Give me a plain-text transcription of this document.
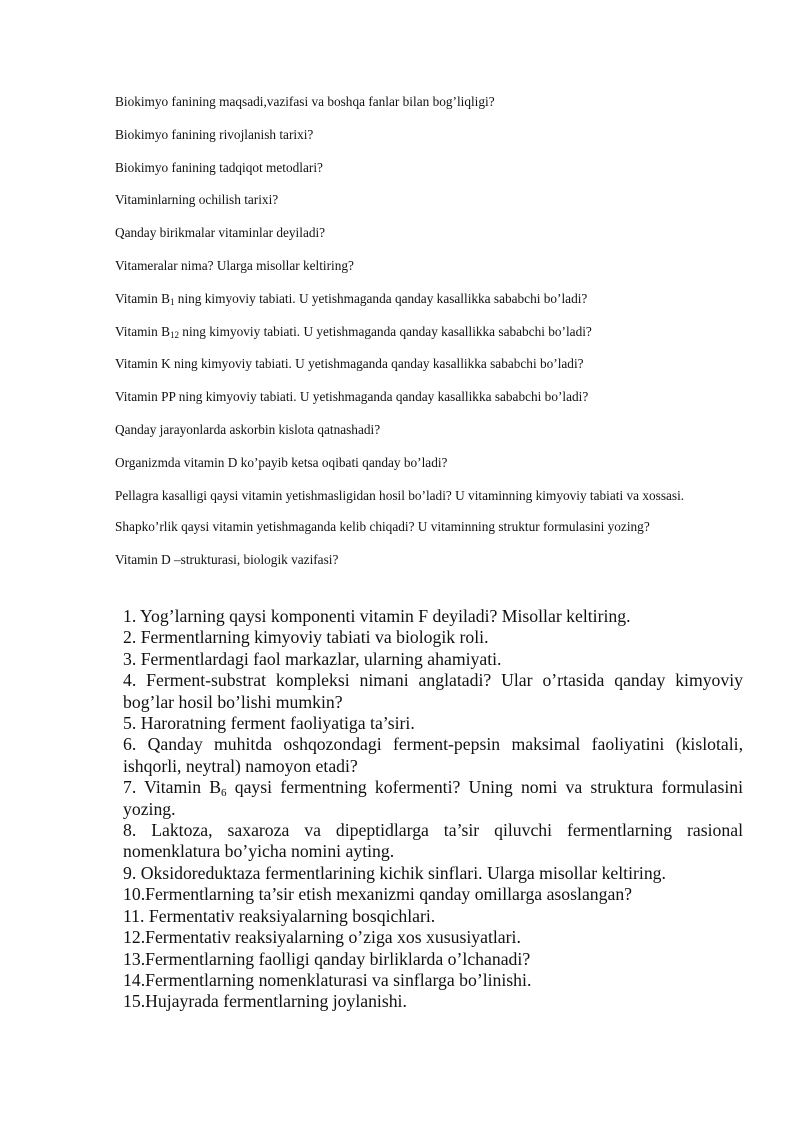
Biokimyo fanining maqsadi,vazifasi va boshqa fanlar bilan bog’liqligi?

Biokimyo fanining rivojlanish tarixi?

Biokimyo fanining tadqiqot metodlari?

Vitaminlarning ochilish tarixi?

Qanday birikmalar vitaminlar deyiladi?

Vitameralar nima? Ularga misollar keltiring?

Vitamin $B_1$ ning kimyoviy tabiati. U yetishmaganda qanday kasallikka sababchi bo’ladi?

Vitamin $B_{12}$ ning kimyoviy tabiati. U yetishmaganda qanday kasallikka sababchi bo’ladi?

Vitamin K ning kimyoviy tabiati. U yetishmaganda qanday kasallikka sababchi bo’ladi?

Vitamin PP ning kimyoviy tabiati. U yetishmaganda qanday kasallikka sababchi bo’ladi?

Qanday jarayonlarda askorbin kislota qatnashadi?

Organizmda vitamin D ko’payib ketsa oqibati qanday bo’ladi?

Pellagra kasalligi qaysi vitamin yetishmasligidan hosil bo’ladi? U vitaminning kimyoviy tabiati va xossasi.

Shapko’rlik qaysi vitamin yetishmaganda kelib chiqadi? U vitaminning struktur formulasini yozing?

Vitamin D –strukturasi, biologik vazifasi?

1. Yog’larning qaysi komponenti vitamin F deyiladi? Misollar keltiring.
2. Fermentlarning kimyoviy tabiati va biologik roli.
3. Fermentlardagi faol markazlar, ularning ahamiyati.
4. Ferment-substrat kompleksi nimani anglatadi? Ular o’rtasida qanday kimyoviy bog’lar hosil bo’lishi mumkin?
5. Haroratning ferment faoliyatiga ta’siri.
6. Qanday muhitda oshqozondagi ferment-pepsin maksimal faoliyatini (kislotali, ishqorli, neytral) namoyon etadi?
7. Vitamin $B_6$ qaysi fermentning kofermenti? Uning nomi va struktura formulasini yozing.
8. Laktoza, saxaroza va dipeptidlarga ta’sir qiluvchi fermentlarning rasional nomenklatura bo’yicha nomini ayting.
9. Oksidoreduktaza fermentlarining kichik sinflari. Ularga misollar keltiring.
10.Fermentlarning ta’sir etish mexanizmi qanday omillarga asoslangan?
11. Fermentativ reaksiyalarning bosqichlari.
12.Fermentativ reaksiyalarning o’ziga xos xususiyatlari.
13.Fermentlarning faolligi qanday birliklarda o’lchanadi?
14.Fermentlarning nomenklaturasi va sinflarga bo’linishi.
15.Hujayrada fermentlarning joylanishi.
